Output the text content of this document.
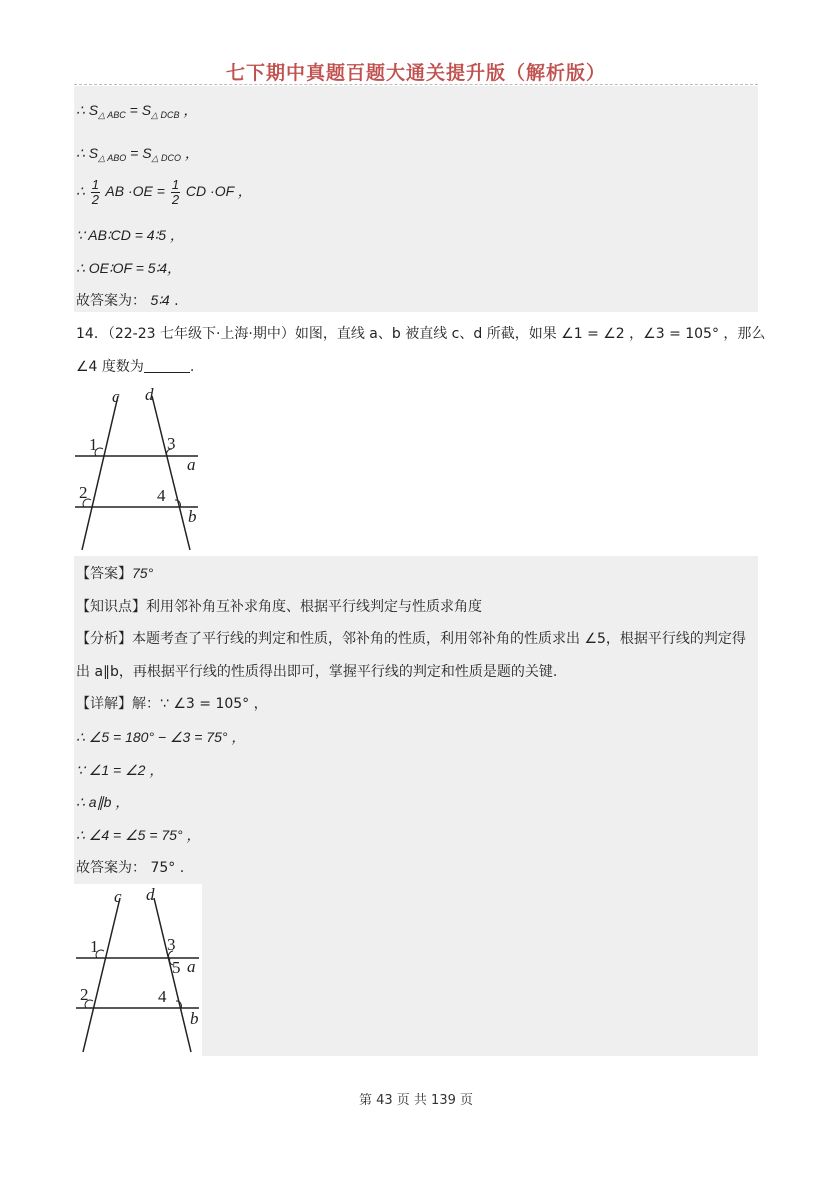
七下期中真题百题大通关提升版（解析版）
∴ $S_{\triangle ABC} = S_{\triangle DCB}$ ，
∴ $S_{\triangle ABO} = S_{\triangle DCO}$ ，
∴ $\frac{1}{2}$ AB $\cdot OE = \frac{1}{2}$ CD ·OF ，
∵ AB∶CD = 4∶5 ，
∴ OE∶OF = 5∶4，
故答案为： 5∶4 .
14．（22-23 七年级下·上海·期中）如图，直线 a、b 被直线 c、d 所截，如果 ∠1 = ∠2 ，∠3 = 105° ，那么
∠4 度数为	.
c d
a
b
1
2
3
4
【答案】75°
【知识点】利用邻补角互补求角度、根据平行线判定与性质求角度
【分析】本题考查了平行线的判定和性质，邻补角的性质，利用邻补角的性质求出 ∠5，根据平行线的判定得
出 a∥b，再根据平行线的性质得出即可，掌握平行线的判定和性质是题的关键.
【详解】解：∵ ∠3 = 105° ，
∴ ∠5 = 180° − ∠3 = 75° ，
∵ ∠1 = ∠2 ，
∴ a∥b ，
∴ ∠4 = ∠5 = 75° ，
故答案为： 75° .
c d
a
b
1
2
3
5
4
第 43 页 共 139 页
